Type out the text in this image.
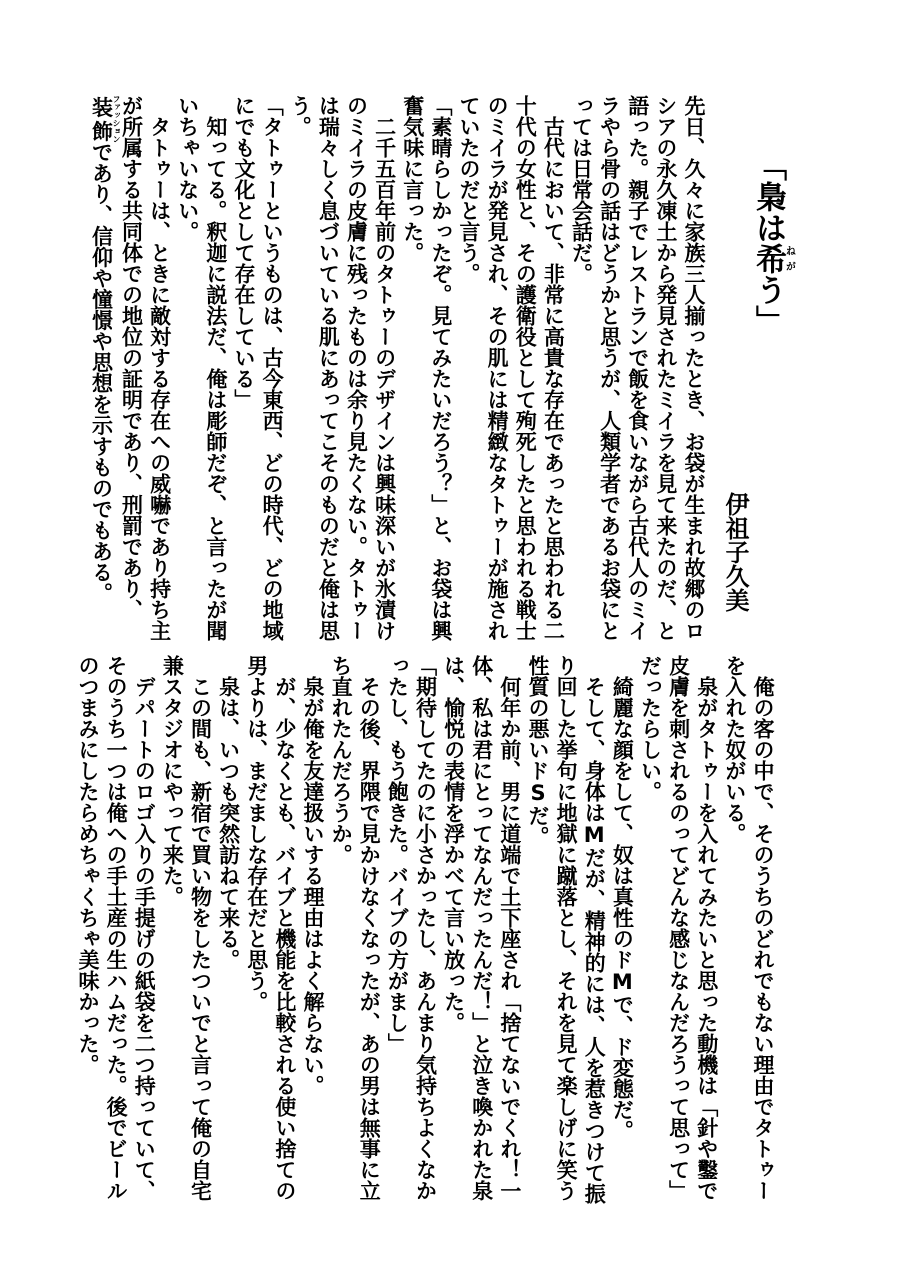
「梟は希ねがう」
伊祖子久美

先日、久々に家族三人揃ったとき、お袋が生まれ故郷のロシアの永久凍土から発見されたミイラを見て来たのだ、と語った。親子でレストランで飯を食いながら古代人のミイラやら骨の話はどうかと思うが、人類学者であるお袋にとっては日常会話だ。

　古代において、非常に高貴な存在であったと思われる二十代の女性と、その護衛役として殉死したと思われる戦士のミイラが発見され、その肌には精緻なタトゥーが施されていたのだと言う。

「素晴らしかったぞ。見てみたいだろう？」と、お袋は興奮気味に言った。

　二千五百年前のタトゥーのデザインは興味深いが氷漬けのミイラの皮膚に残ったものは余り見たくない。タトゥーは瑞々しく息づいている肌にあってこそのものだと俺は思う。

「タトゥーというものは、古今東西、どの時代、どの地域にでも文化として存在している」

　知ってる。釈迦に説法だ、俺は彫師だぞ、と言ったが聞いちゃいない。

　タトゥーは、ときに敵対する存在への威嚇であり持ち主が所属する共同体での地位の証明であり、刑罰であり、装飾ファッションであり、信仰や憧憬や思想を示すものでもある。

　俺の客の中で、そのうちのどれでもない理由でタトゥーを入れた奴がいる。

　泉がタトゥーを入れてみたいと思った動機は「針や鑿で皮膚を刺されるのってどんな感じなんだろうって思って」だったらしい。

　綺麗な顔をして、奴は真性のドMで、ド変態だ。

　そして、身体はMだが、精神的には、人を惹きつけて振り回した挙句に地獄に蹴落とし、それを見て楽しげに笑う性質の悪いドSだ。

　何年か前、男に道端で土下座され「捨てないでくれ！一体、私は君にとってなんだったんだ！」と泣き喚かれた泉は、愉悦の表情を浮かべて言い放った。

「期待してたのに小さかったし、あんまり気持ちよくなかったし、もう飽きた。バイブの方がまし」

　その後、界隈で見かけなくなったが、あの男は無事に立ち直れたんだろうか。

　泉が俺を友達扱いする理由はよく解らない。

　が、少なくとも、バイブと機能を比較される使い捨ての男よりは、まだましな存在だと思う。

　泉は、いつも突然訪ねて来る。

　この間も、新宿で買い物をしたついでと言って俺の自宅兼スタジオにやって来た。

　デパートのロゴ入りの手提げの紙袋を二つ持っていて、そのうち一つは俺への手土産の生ハムだった。後でビールのつまみにしたらめちゃくちゃ美味かった。
